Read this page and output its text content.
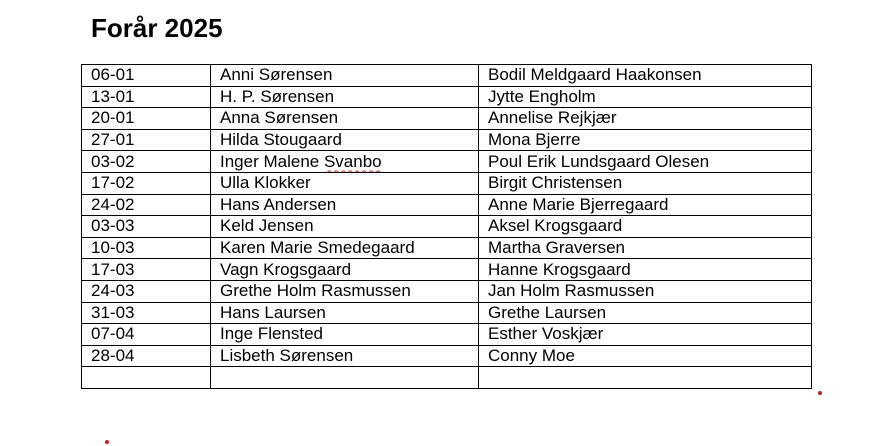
Forår 2025
06-01	Anni Sørensen	Bodil Meldgaard Haakonsen
13-01	H. P. Sørensen	Jytte Engholm
20-01	Anna Sørensen	Annelise Rejkjær
27-01	Hilda Stougaard	Mona Bjerre
03-02	Inger Malene Svanbo	Poul Erik Lundsgaard Olesen
17-02	Ulla Klokker	Birgit Christensen
24-02	Hans Andersen	Anne Marie Bjerregaard
03-03	Keld Jensen	Aksel Krogsgaard
10-03	Karen Marie Smedegaard	Martha Graversen
17-03	Vagn Krogsgaard	Hanne Krogsgaard
24-03	Grethe Holm Rasmussen	Jan Holm Rasmussen
31-03	Hans Laursen	Grethe Laursen
07-04	Inge Flensted	Esther Voskjær
28-04	Lisbeth Sørensen	Conny Moe
